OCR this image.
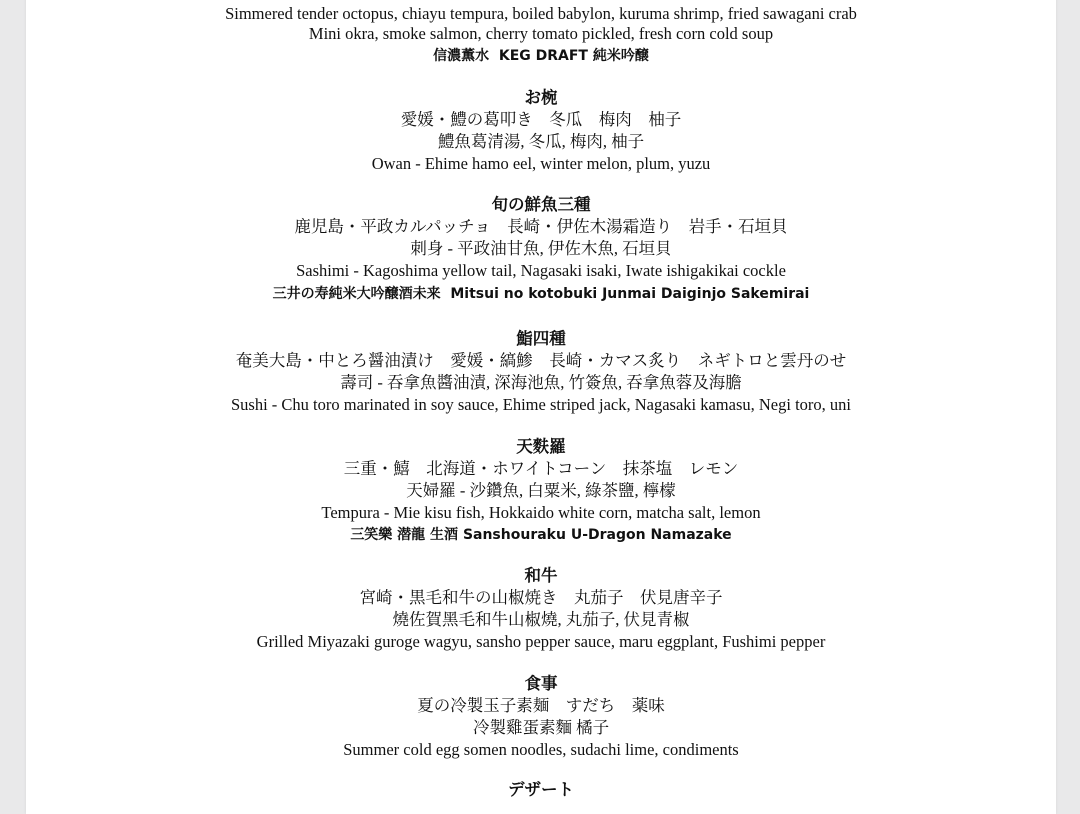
Simmered tender octopus, chiayu tempura, boiled babylon, kuruma shrimp, fried sawagani crab
Mini okra, smoke salmon, cherry tomato pickled, fresh corn cold soup
信濃薫水 KEG DRAFT 純米吟醸
お椀
愛媛・鱧の葛叩き　冬瓜　梅肉　柚子
鱧魚葛清湯, 冬瓜, 梅肉, 柚子
Owan - Ehime hamo eel, winter melon, plum, yuzu
旬の鮮魚三種
鹿児島・平政カルパッチョ　長崎・伊佐木湯霜造り　岩手・石垣貝
刺身 - 平政油甘魚, 伊佐木魚, 石垣貝
Sashimi - Kagoshima yellow tail, Nagasaki isaki, Iwate ishigakikai cockle
三井の寿純米大吟醸酒未来 Mitsui no kotobuki Junmai Daiginjo Sakemirai
鮨四種
奄美大島・中とろ醤油漬け　愛媛・縞鯵　長崎・カマス炙り　ネギトロと雲丹のせ
壽司 - 吞拿魚醬油漬, 深海池魚, 竹簽魚, 吞拿魚蓉及海膽
Sushi - Chu toro marinated in soy sauce, Ehime striped jack, Nagasaki kamasu, Negi toro, uni
天麩羅
三重・鱚　北海道・ホワイトコーン　抹茶塩　レモン
天婦羅 - 沙鑽魚, 白粟米, 綠茶鹽, 檸檬
Tempura - Mie kisu fish, Hokkaido white corn, matcha salt, lemon
三笑樂 潜龍 生酒 Sanshouraku U-Dragon Namazake
和牛
宮崎・黒毛和牛の山椒焼き　丸茄子　伏見唐辛子
燒佐賀黑毛和牛山椒燒, 丸茄子, 伏見青椒
Grilled Miyazaki guroge wagyu, sansho pepper sauce, maru eggplant, Fushimi pepper
食事
夏の冷製玉子素麺　すだち　薬味
冷製雞蛋素麵 橘子
Summer cold egg somen noodles, sudachi lime, condiments
デザート
